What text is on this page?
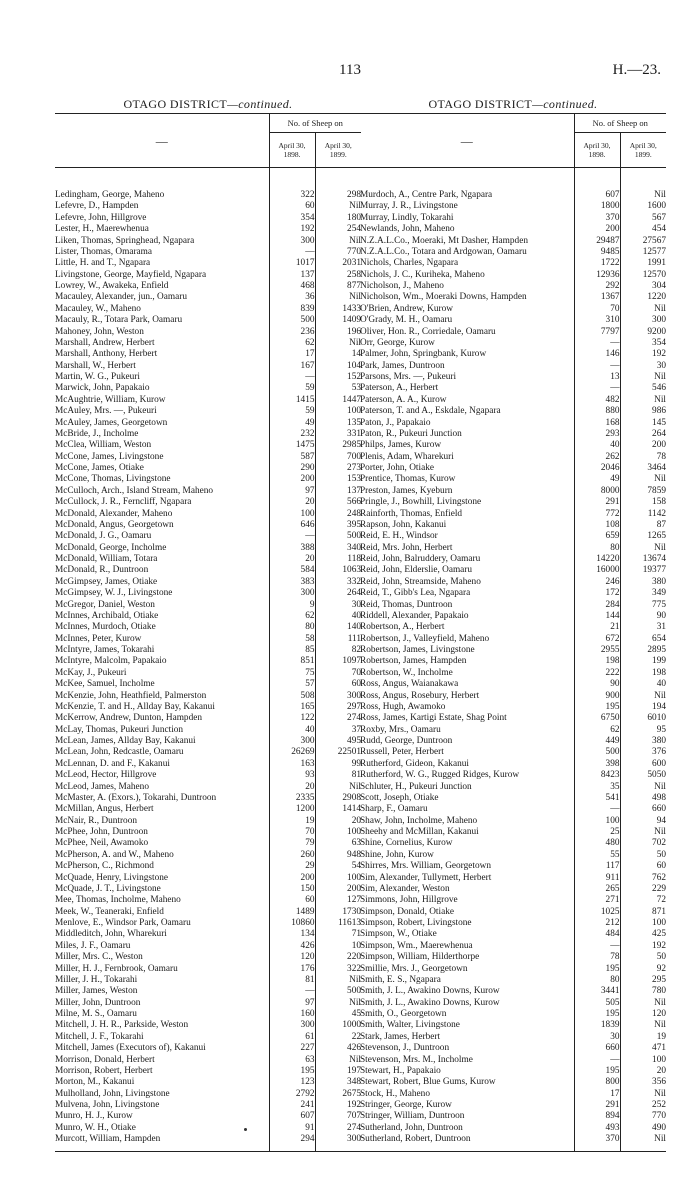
113	H.—23.
OTAGO DISTRICT—continued.
—	No. of Sheep on	
	April 30, 1898.	April 30, 1899.

Ledingham, George, Maheno	322	298
Lefevre, D., Hampden	60	Nil
Lefevre, John, Hillgrove	354	180
Lester, H., Maerewhenua	192	254
Liken, Thomas, Springhead, Ngapara	300	Nil
Lister, Thomas, Omarama	—	770
Little, H. and T., Ngapara	1017	2031
Livingstone, George, Mayfield, Ngapara	137	258
Lowrey, W., Awakeka, Enfield	468	877
Macauley, Alexander, jun., Oamaru	36	Nil
Macauley, W., Maheno	839	1433
Macauly, R., Totara Park, Oamaru	500	1409
Mahoney, John, Weston	236	196
Marshall, Andrew, Herbert	62	Nil
Marshall, Anthony, Herbert	17	14
Marshall, W., Herbert	167	104
Martin, W. G., Pukeuri	—	152
Marwick, John, Papakaio	59	53
McAughtrie, William, Kurow	1415	1447
McAuley, Mrs. —, Pukeuri	59	100
McAuley, James, Georgetown	49	135
McBride, J., Incholme	232	331
McClea, William, Weston	1475	2985
McCone, James, Livingstone	587	700
McCone, James, Otiake	290	273
McCone, Thomas, Livingstone	200	153
McCulloch, Arch., Island Stream, Maheno	97	137
McCullock, J. R., Ferncliff, Ngapara	20	566
McDonald, Alexander, Maheno	100	248
McDonald, Angus, Georgetown	646	395
McDonald, J. G., Oamaru	—	500
McDonald, George, Incholme	388	340
McDonald, William, Totara	20	118
McDonald, R., Duntroon	584	1063
McGimpsey, James, Otiake	383	332
McGimpsey, W. J., Livingstone	300	264
McGregor, Daniel, Weston	9	30
McInnes, Archibald, Otiake	62	40
McInnes, Murdoch, Otiake	80	140
McInnes, Peter, Kurow	58	111
McIntyre, James, Tokarahi	85	82
McIntyre, Malcolm, Papakaio	851	1097
McKay, J., Pukeuri	75	70
McKee, Samuel, Incholme	57	60
McKenzie, John, Heathfield, Palmerston	508	300
McKenzie, T. and H., Allday Bay, Kakanui	165	297
McKerrow, Andrew, Dunton, Hampden	122	274
McLay, Thomas, Pukeuri Junction	40	37
McLean, James, Allday Bay, Kakanui	300	495
McLean, John, Redcastle, Oamaru	26269	22501
McLennan, D. and F., Kakanui	163	99
McLeod, Hector, Hillgrove	93	81
McLeod, James, Maheno	20	Nil
McMaster, A. (Exors.), Tokarahi, Duntroon	2335	2908
McMillan, Angus, Herbert	1200	1414
McNair, R., Duntroon	19	20
McPhee, John, Duntroon	70	100
McPhee, Neil, Awamoko	79	63
McPherson, A. and W., Maheno	260	948
McPherson, C., Richmond	29	54
McQuade, Henry, Livingstone	200	100
McQuade, J. T., Livingstone	150	200
Mee, Thomas, Incholme, Maheno	60	127
Meek, W., Teaneraki, Enfield	1489	1730
Menlove, E., Windsor Park, Oamaru	10860	11613
Middleditch, John, Wharekuri	134	71
Miles, J. F., Oamaru	426	10
Miller, Mrs. C., Weston	120	220
Miller, H. J., Fernbrook, Oamaru	176	322
Miller, J. H., Tokarahi	81	Nil
Miller, James, Weston	—	500
Miller, John, Duntroon	97	Nil
Milne, M. S., Oamaru	160	45
Mitchell, J. H. R., Parkside, Weston	300	1000
Mitchell, J. F., Tokarahi	61	22
Mitchell, James (Executors of), Kakanui	227	426
Morrison, Donald, Herbert	63	Nil
Morrison, Robert, Herbert	195	197
Morton, M., Kakanui	123	348
Mulholland, John, Livingstone	2792	2675
Mulvena, John, Livingstone	241	192
Munro, H. J., Kurow	607	707
Munro, W. H., Otiake	91	274
Murcott, William, Hampden	294	300

OTAGO DISTRICT—continued.
—	No. of Sheep on	
	April 30, 1898.	April 30, 1899.

Murdoch, A., Centre Park, Ngapara	607	Nil
Murray, J. R., Livingstone	1800	1600
Murray, Lindly, Tokarahi	370	567
Newlands, John, Maheno	200	454
N.Z.A.L.Co., Moeraki, Mt Dasher, Hampden	29487	27567
N.Z.A.L.Co., Totara and Ardgowan, Oamaru	9485	12577
Nichols, Charles, Ngapara	1722	1991
Nichols, J. C., Kuriheka, Maheno	12936	12570
Nicholson, J., Maheno	292	304
Nicholson, Wm., Moeraki Downs, Hampden	1367	1220
O'Brien, Andrew, Kurow	70	Nil
O'Grady, M. H., Oamaru	310	300
Oliver, Hon. R., Corriedale, Oamaru	7797	9200
Orr, George, Kurow	—	354
Palmer, John, Springbank, Kurow	146	192
Park, James, Duntroon	—	30
Parsons, Mrs. —, Pukeuri	13	Nil
Paterson, A., Herbert	—	546
Paterson, A. A., Kurow	482	Nil
Paterson, T. and A., Eskdale, Ngapara	880	986
Paton, J., Papakaio	168	145
Paton, R., Pukeuri Junction	293	264
Philps, James, Kurow	40	200
Plenis, Adam, Wharekuri	262	78
Porter, John, Otiake	2046	3464
Prentice, Thomas, Kurow	49	Nil
Preston, James, Kyeburn	8000	7859
Pringle, J., Bowhill, Livingstone	291	158
Rainforth, Thomas, Enfield	772	1142
Rapson, John, Kakanui	108	87
Reid, E. H., Windsor	659	1265
Reid, Mrs. John, Herbert	80	Nil
Reid, John, Balruddery, Oamaru	14220	13674
Reid, John, Elderslie, Oamaru	16000	19377
Reid, John, Streamside, Maheno	246	380
Reid, T., Gibb's Lea, Ngapara	172	349
Reid, Thomas, Duntroon	284	775
Riddell, Alexander, Papakaio	144	90
Robertson, A., Herbert	21	31
Robertson, J., Valleyfield, Maheno	672	654
Robertson, James, Livingstone	2955	2895
Robertson, James, Hampden	198	199
Robertson, W., Incholme	222	198
Ross, Angus, Waianakawa	90	40
Ross, Angus, Rosebury, Herbert	900	Nil
Ross, Hugh, Awamoko	195	194
Ross, James, Kartigi Estate, Shag Point	6750	6010
Roxby, Mrs., Oamaru	62	95
Rudd, George, Duntroon	449	380
Russell, Peter, Herbert	500	376
Rutherford, Gideon, Kakanui	398	600
Rutherford, W. G., Rugged Ridges, Kurow	8423	5050
Schluter, H., Pukeuri Junction	35	Nil
Scott, Joseph, Otiake	541	498
Sharp, F., Oamaru	—	660
Shaw, John, Incholme, Maheno	100	94
Sheehy and McMillan, Kakanui	25	Nil
Shine, Cornelius, Kurow	480	702
Shine, John, Kurow	55	50
Shirres, Mrs. William, Georgetown	117	60
Sim, Alexander, Tullymett, Herbert	911	762
Sim, Alexander, Weston	265	229
Simmons, John, Hillgrove	271	72
Simpson, Donald, Otiake	1025	871
Simpson, Robert, Livingstone	212	100
Simpson, W., Otiake	484	425
Simpson, Wm., Maerewhenua	—	192
Simpson, William, Hilderthorpe	78	50
Smillie, Mrs. J., Georgetown	195	92
Smith, E. S., Ngapara	80	295
Smith, J. L., Awakino Downs, Kurow	3441	780
Smith, J. L., Awakino Downs, Kurow	505	Nil
Smith, O., Georgetown	195	120
Smith, Walter, Livingstone	1839	Nil
Stark, James, Herbert	30	19
Stevenson, J., Duntroon	660	471
Stevenson, Mrs. M., Incholme	—	100
Stewart, H., Papakaio	195	20
Stewart, Robert, Blue Gums, Kurow	800	356
Stock, H., Maheno	17	Nil
Stringer, George, Kurow	291	252
Stringer, William, Duntroon	894	770
Sutherland, John, Duntroon	493	490
Sutherland, Robert, Duntroon	370	Nil
